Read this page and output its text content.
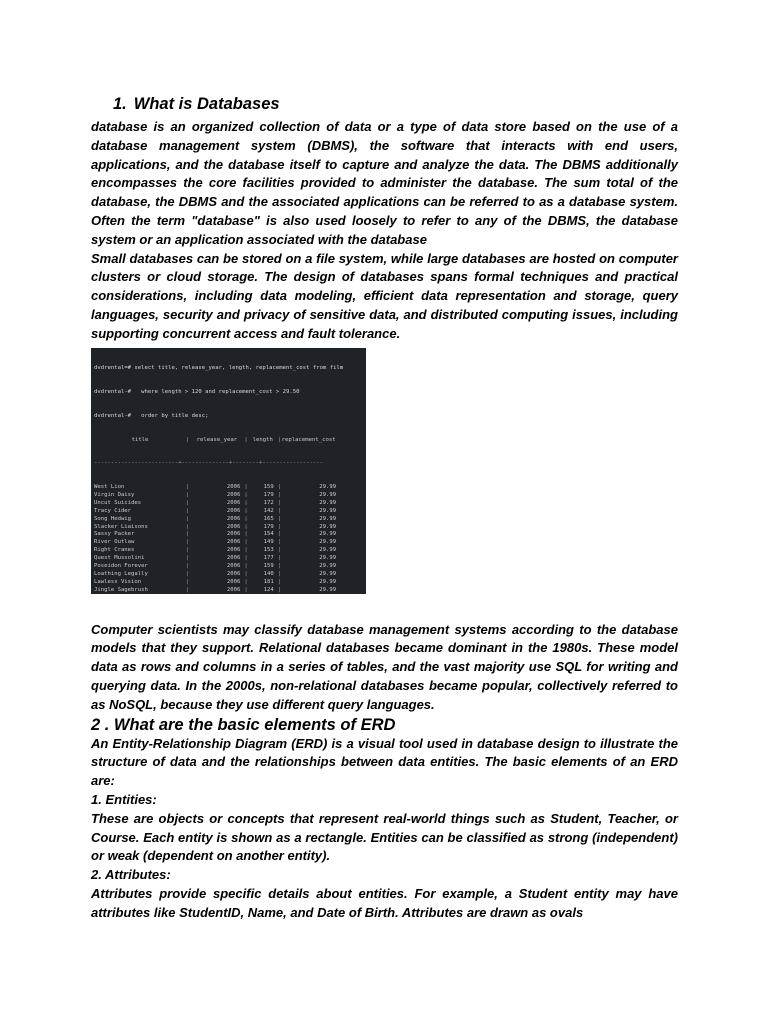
1. What is Databases

database is an organized collection of data or a type of data store based on the use of a database management system (DBMS), the software that interacts with end users, applications, and the database itself to capture and analyze the data. The DBMS additionally encompasses the core facilities provided to administer the database. The sum total of the database, the DBMS and the associated applications can be referred to as a database system. Often the term "database" is also used loosely to refer to any of the DBMS, the database system or an application associated with the database

Small databases can be stored on a file system, while large databases are hosted on computer clusters or cloud storage. The design of databases spans formal techniques and practical considerations, including data modeling, efficient data representation and storage, query languages, security and privacy of sensitive data, and distributed computing issues, including supporting concurrent access and fault tolerance.

dvdrental=# select title, release_year, length, replacement_cost from film

dvdrental-#   where length > 120 and replacement_cost > 29.50

dvdrental-#   order by title desc;

title	|	release_year	| length | replacement_cost

-------------------------+--------------+--------+------------------

West Lion	|	2006 |	159 |	29.99
Virgin Daisy	|	2006 |	179 |	29.99
Uncut Suicides	|	2006 |	172 |	29.99
Tracy Cider	|	2006 |	142 |	29.99
Song Hedwig	|	2006 |	165 |	29.99
Slacker Liaisons	|	2006 |	179 |	29.99
Sassy Packer	|	2006 |	154 |	29.99
River Outlaw	|	2006 |	149 |	29.99
Right Cranes	|	2006 |	153 |	29.99
Quest Mussolini	|	2006 |	177 |	29.99
Poseidon Forever	|	2006 |	159 |	29.99
Loathing Legally	|	2006 |	140 |	29.99
Lawless Vision	|	2006 |	181 |	29.99
Jingle Sagebrush	|	2006 |	124 |	29.99

Computer scientists may classify database management systems according to the database models that they support. Relational databases became dominant in the 1980s. These model data as rows and columns in a series of tables, and the vast majority use SQL for writing and querying data. In the 2000s, non-relational databases became popular, collectively referred to as NoSQL, because they use different query languages.

2 . What are the basic elements of ERD

An Entity-Relationship Diagram (ERD) is a visual tool used in database design to illustrate the structure of data and the relationships between data entities. The basic elements of an ERD are:

1. Entities:

These are objects or concepts that represent real-world things such as Student, Teacher, or Course. Each entity is shown as a rectangle. Entities can be classified as strong (independent) or weak (dependent on another entity).

2. Attributes:

Attributes provide specific details about entities. For example, a Student entity may have attributes like StudentID, Name, and Date of Birth. Attributes are drawn as ovals
